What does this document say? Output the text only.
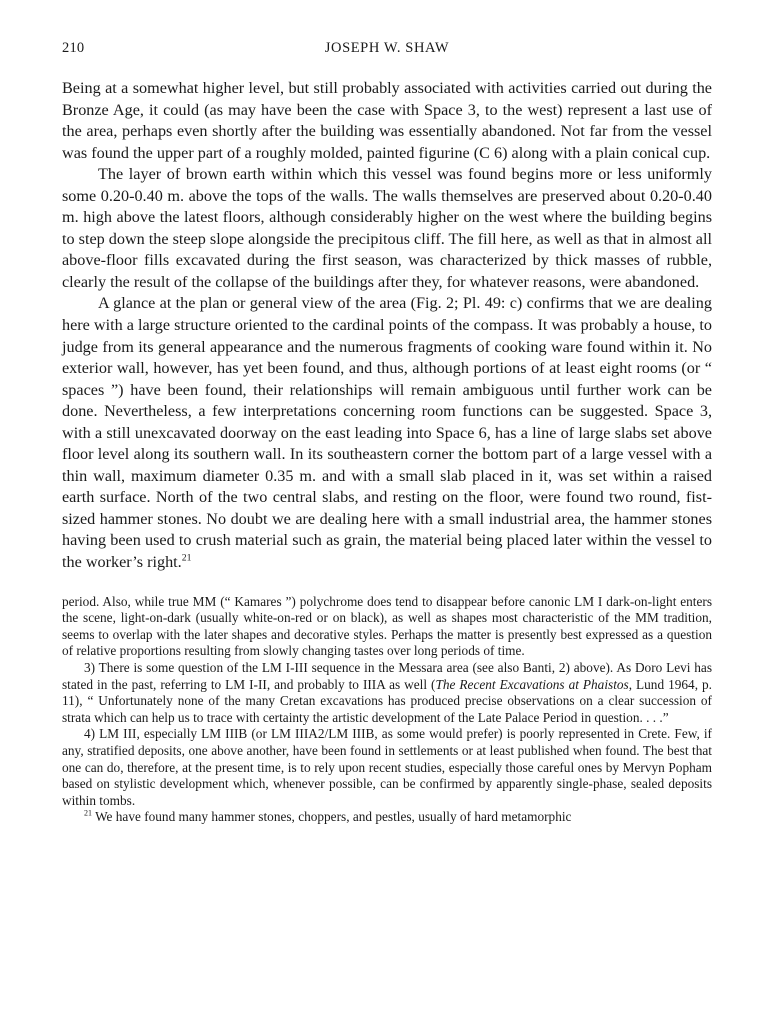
210	JOSEPH W. SHAW

Being at a somewhat higher level, but still probably associated with activities carried out during the Bronze Age, it could (as may have been the case with Space 3, to the west) represent a last use of the area, perhaps even shortly after the building was essentially abandoned. Not far from the vessel was found the upper part of a roughly molded, painted figurine (C 6) along with a plain conical cup.

The layer of brown earth within which this vessel was found begins more or less uniformly some 0.20-0.40 m. above the tops of the walls. The walls themselves are preserved about 0.20-0.40 m. high above the latest floors, although considerably higher on the west where the building begins to step down the steep slope alongside the precipitous cliff. The fill here, as well as that in almost all above-floor fills excavated during the first season, was characterized by thick masses of rubble, clearly the result of the collapse of the buildings after they, for whatever reasons, were abandoned.

A glance at the plan or general view of the area (Fig. 2; Pl. 49: c) confirms that we are dealing here with a large structure oriented to the cardinal points of the compass. It was probably a house, to judge from its general appearance and the numerous fragments of cooking ware found within it. No exterior wall, however, has yet been found, and thus, although portions of at least eight rooms (or “ spaces ”) have been found, their relationships will remain ambiguous until further work can be done. Nevertheless, a few interpretations concerning room functions can be suggested. Space 3, with a still unexcavated doorway on the east leading into Space 6, has a line of large slabs set above floor level along its southern wall. In its southeastern corner the bottom part of a large vessel with a thin wall, maximum diameter 0.35 m. and with a small slab placed in it, was set within a raised earth surface. North of the two central slabs, and resting on the floor, were found two round, fist-sized hammer stones. No doubt we are dealing here with a small industrial area, the hammer stones having been used to crush material such as grain, the material being placed later within the vessel to the worker’s right.$^{21}$

period. Also, while true MM (“ Kamares ”) polychrome does tend to disappear before canonic LM I dark-on-light enters the scene, light-on-dark (usually white-on-red or on black), as well as shapes most characteristic of the MM tradition, seems to overlap with the later shapes and decorative styles. Perhaps the matter is presently best expressed as a question of relative proportions resulting from slowly changing tastes over long periods of time.

3) There is some question of the LM I-III sequence in the Messara area (see also Banti, 2) above). As Doro Levi has stated in the past, referring to LM I-II, and probably to IIIA as well (The Recent Excavations at Phaistos, Lund 1964, p. 11), “ Unfortunately none of the many Cretan excavations has produced precise observations on a clear succession of strata which can help us to trace with certainty the artistic development of the Late Palace Period in question. . . .”

4) LM III, especially LM IIIB (or LM IIIA2/LM IIIB, as some would prefer) is poorly represented in Crete. Few, if any, stratified deposits, one above another, have been found in settlements or at least published when found. The best that one can do, therefore, at the present time, is to rely upon recent studies, especially those careful ones by Mervyn Popham based on stylistic development which, whenever possible, can be confirmed by apparently single-phase, sealed deposits within tombs.

$^{21}$ We have found many hammer stones, choppers, and pestles, usually of hard metamorphic
